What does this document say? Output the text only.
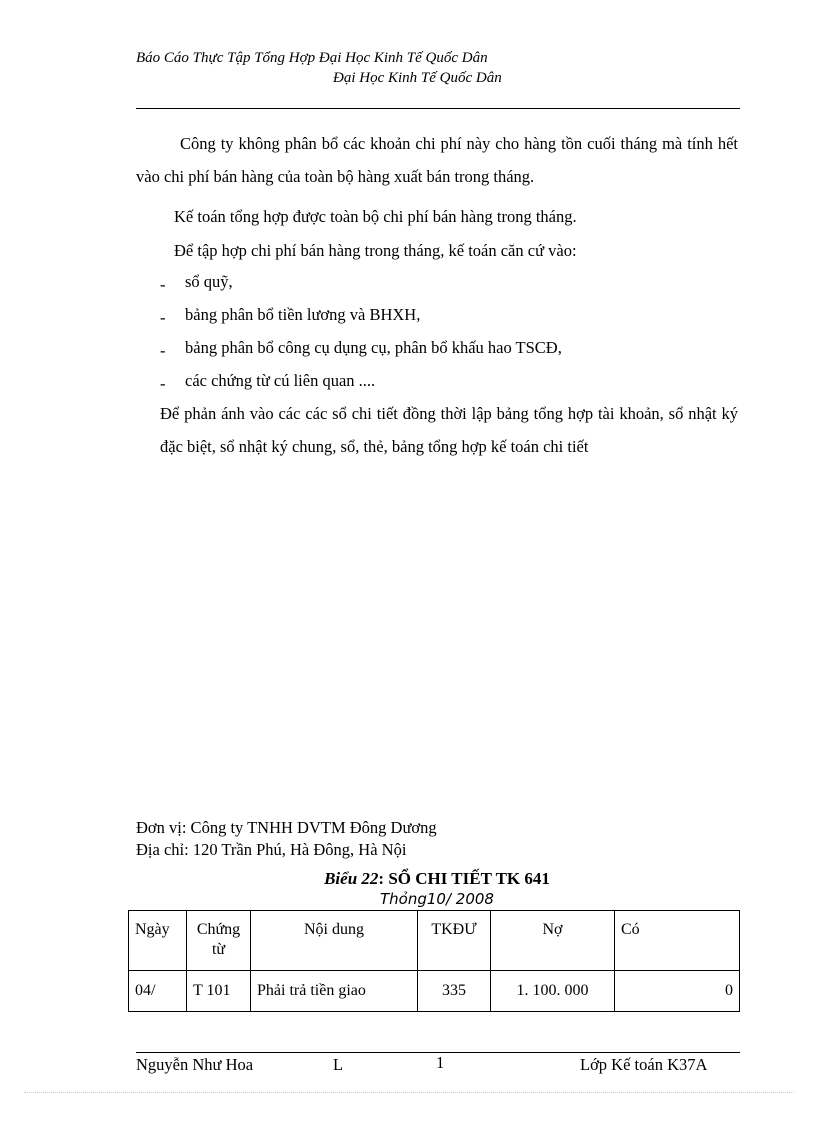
Báo Cáo Thực Tập Tổng Hợp Đại Học Kinh Tế Quốc Dân
Đại Học Kinh Tế Quốc Dân
Công ty không phân bổ các khoản chi phí này cho hàng tồn cuối tháng mà tính hết vào chi phí bán hàng của toàn bộ hàng xuất bán trong tháng.
Kế toán tổng hợp được toàn bộ chi phí bán hàng trong tháng.
Để tập hợp chi phí bán hàng trong tháng, kế toán căn cứ vào:
- sổ quỹ,
- bảng phân bổ tiền lương và BHXH,
- bảng phân bổ công cụ dụng cụ, phân bổ khấu hao TSCĐ,
- các chứng từ cú liên quan ....
Để phản ánh vào các các sổ chi tiết đồng thời lập bảng tổng hợp tài khoản, sổ nhật ký đặc biệt, sổ nhật ký chung, sổ, thẻ, bảng tổng hợp kế toán chi tiết
Đơn vị: Công ty TNHH DVTM Đông Dương
Địa chỉ: 120 Trần Phú, Hà Đông, Hà Nội
Biểu 22: SỔ CHI TIẾT TK 641
Thỏng10/ 2008
Ngày	Chứng từ	Nội dung	TKĐƯ	Nợ	Có
04/	T 101	Phải trả tiền giao	335	1. 100. 000	0
Nguyễn Như Hoa	L	1	Lớp Kế toán K37A
